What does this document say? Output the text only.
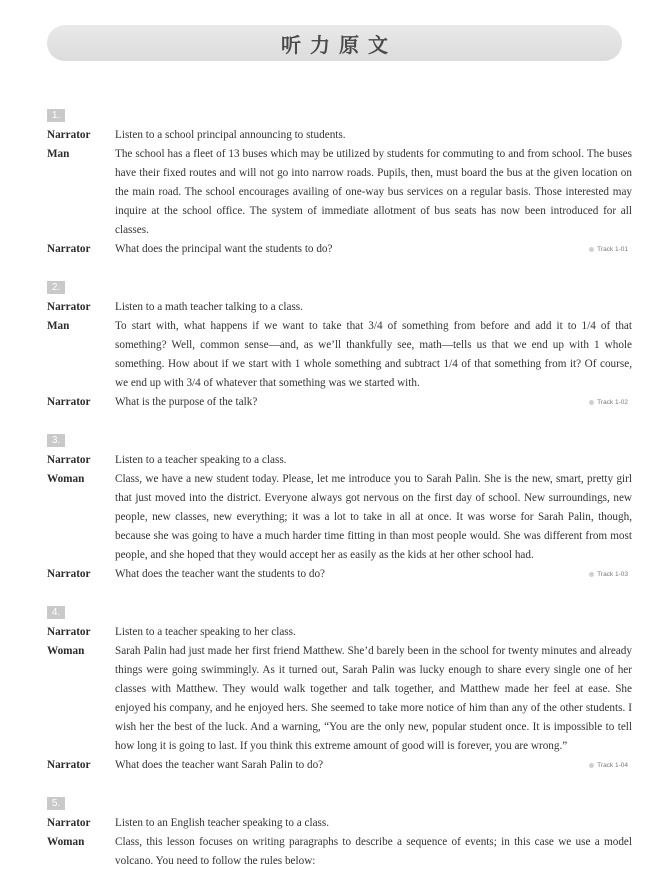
听力原文
1.
Narrator	Listen to a school principal announcing to students.
Man	The school has a fleet of 13 buses which may be utilized by students for commuting to and from school. The buses have their fixed routes and will not go into narrow roads. Pupils, then, must board the bus at the given location on the main road. The school encourages availing of one-way bus services on a regular basis. Those interested may inquire at the school office. The system of immediate allotment of bus seats has now been introduced for all classes.
Narrator	What does the principal want the students to do?	Track 1-01
2.
Narrator	Listen to a math teacher talking to a class.
Man	To start with, what happens if we want to take that 3/4 of something from before and add it to 1/4 of that something? Well, common sense—and, as we’ll thankfully see, math—tells us that we end up with 1 whole something. How about if we start with 1 whole something and subtract 1/4 of that something from it? Of course, we end up with 3/4 of whatever that something was we started with.
Narrator	What is the purpose of the talk?	Track 1-02
3.
Narrator	Listen to a teacher speaking to a class.
Woman	Class, we have a new student today. Please, let me introduce you to Sarah Palin. She is the new, smart, pretty girl that just moved into the district. Everyone always got nervous on the first day of school. New surroundings, new people, new classes, new everything; it was a lot to take in all at once. It was worse for Sarah Palin, though, because she was going to have a much harder time fitting in than most people would. She was different from most people, and she hoped that they would accept her as easily as the kids at her other school had.
Narrator	What does the teacher want the students to do?	Track 1-03
4.
Narrator	Listen to a teacher speaking to her class.
Woman	Sarah Palin had just made her first friend Matthew. She’d barely been in the school for twenty minutes and already things were going swimmingly. As it turned out, Sarah Palin was lucky enough to share every single one of her classes with Matthew. They would walk together and talk together, and Matthew made her feel at ease. She enjoyed his company, and he enjoyed hers. She seemed to take more notice of him than any of the other students. I wish her the best of the luck. And a warning, “You are the only new, popular student once. It is impossible to tell how long it is going to last. If you think this extreme amount of good will is forever, you are wrong.”
Narrator	What does the teacher want Sarah Palin to do?	Track 1-04
5.
Narrator	Listen to an English teacher speaking to a class.
Woman	Class, this lesson focuses on writing paragraphs to describe a sequence of events; in this case we use a model volcano. You need to follow the rules below:
